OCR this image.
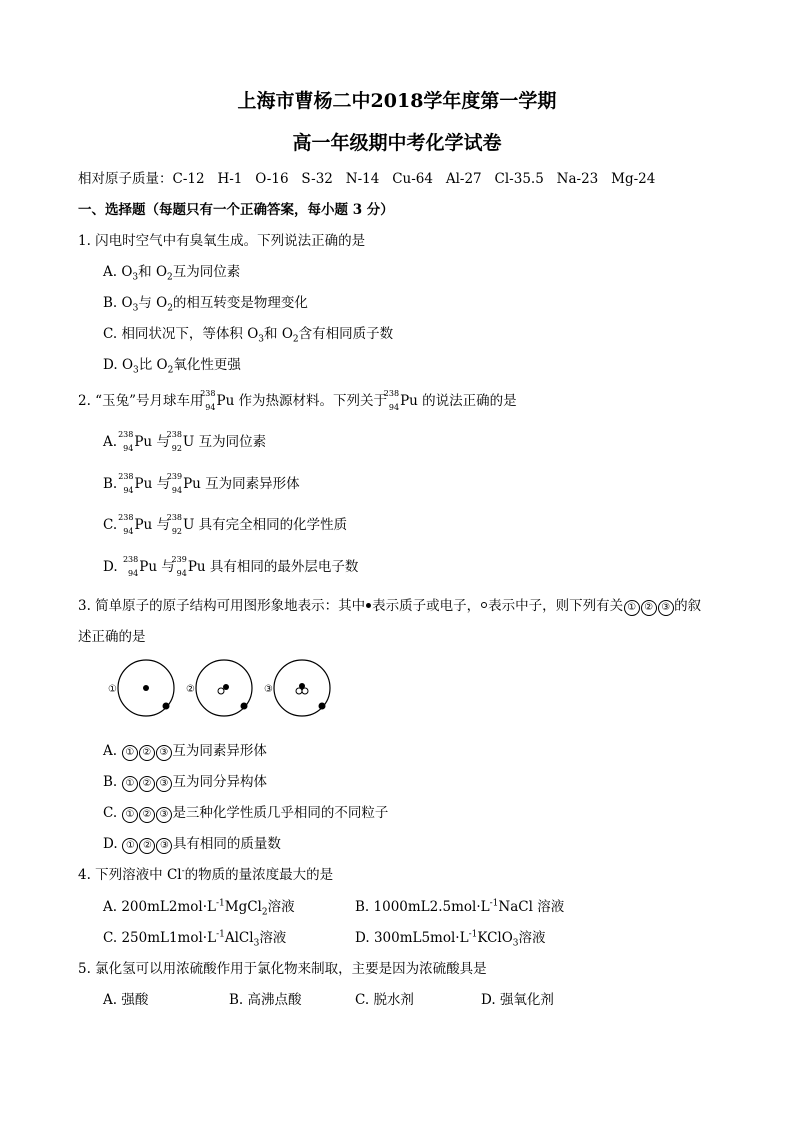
上海市曹杨二中2018学年度第一学期
高一年级期中考化学试卷
相对原子质量：C-12   H-1   O-16   S-32   N-14   Cu-64   Al-27   Cl-35.5   Na-23   Mg-24
一、选择题（每题只有一个正确答案，每小题 3 分）
1. 闪电时空气中有臭氧生成。下列说法正确的是
A. $O_3$和 $O_2$互为同位素
B. $O_3$与 $O_2$的相互转变是物理变化
C. 相同状况下，等体积 $O_3$和 $O_2$含有相同质子数
D. $O_3$比 $O_2$氧化性更强
2. “玉兔”号月球车用
238
94 Pu 作为热源材料。下列关于
238
94 Pu 的说法正确的是
A. 238
94 Pu 与
238
92 U 互为同位素
B. 238
94 Pu 与
239
94 Pu 互为同素异形体
C. 238
94 Pu 与
238
92 U 具有完全相同的化学性质
D. 238
94 Pu 与
239
94 Pu 具有相同的最外层电子数
3. 简单原子的原子结构可用图形象地表示：其中 表示质子或电子， 表示中子，则下列有关 ① ② ③ 的叙
述正确的是
①	②	③
A. ① ② ③ 互为同素异形体
B. ① ② ③ 互为同分异构体
C. ① ② ③ 是三种化学性质几乎相同的不同粒子
D. ① ② ③ 具有相同的质量数
4. 下列溶液中 Cl-的物质的量浓度最大的是
A. $200mL2mol\cdot L^{-1}MgCl_2$溶液	B. $1000mL2.5mol\cdot L^{-1}NaCl$ 溶液
C. $250mL1mol\cdot L^{-1}AlCl_3$溶液	D. $300mL5mol\cdot L^{-1}KClO_3$溶液
5. 氯化氢可以用浓硫酸作用于氯化物来制取，主要是因为浓硫酸具是
A. 强酸	B. 高沸点酸	C. 脱水剂	D. 强氧化剂
